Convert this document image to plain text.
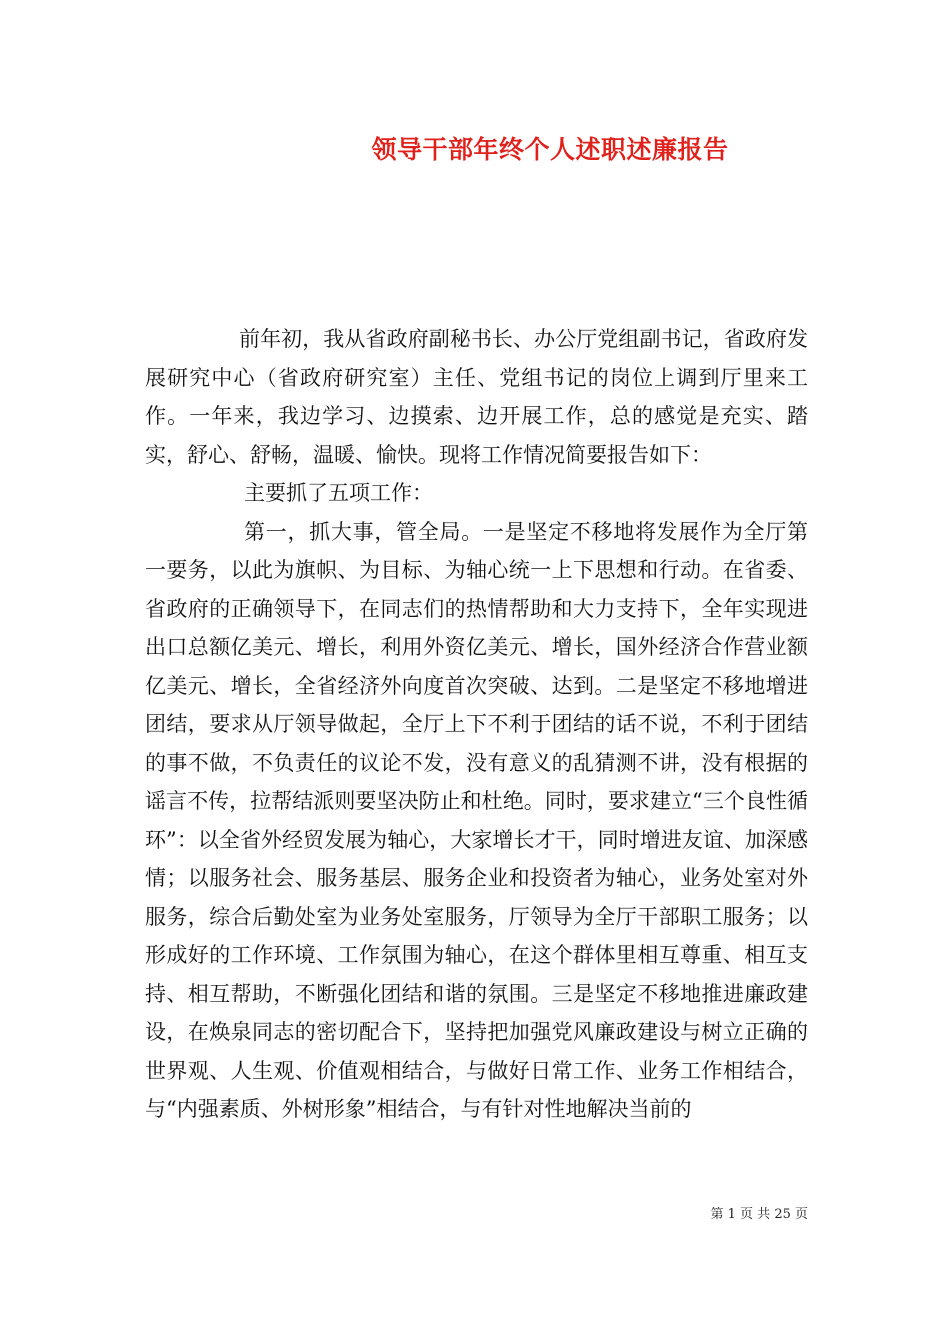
领导干部年终个人述职述廉报告

前年初，我从省政府副秘书长、办公厅党组副书记，省政府发展研究中心（省政府研究室）主任、党组书记的岗位上调到厅里来工作。一年来，我边学习、边摸索、边开展工作，总的感觉是充实、踏实，舒心、舒畅，温暖、愉快。现将工作情况简要报告如下：

主要抓了五项工作：

第一，抓大事，管全局。一是坚定不移地将发展作为全厅第一要务，以此为旗帜、为目标、为轴心统一上下思想和行动。在省委、省政府的正确领导下，在同志们的热情帮助和大力支持下，全年实现进出口总额亿美元、增长，利用外资亿美元、增长，国外经济合作营业额亿美元、增长，全省经济外向度首次突破、达到。二是坚定不移地增进团结，要求从厅领导做起，全厅上下不利于团结的话不说，不利于团结的事不做，不负责任的议论不发，没有意义的乱猜测不讲，没有根据的谣言不传，拉帮结派则要坚决防止和杜绝。同时，要求建立“三个良性循环”：以全省外经贸发展为轴心，大家增长才干，同时增进友谊、加深感情；以服务社会、服务基层、服务企业和投资者为轴心，业务处室对外服务，综合后勤处室为业务处室服务，厅领导为全厅干部职工服务；以形成好的工作环境、工作氛围为轴心，在这个群体里相互尊重、相互支持、相互帮助，不断强化团结和谐的氛围。三是坚定不移地推进廉政建设，在焕泉同志的密切配合下，坚持把加强党风廉政建设与树立正确的世界观、人生观、价值观相结合，与做好日常工作、业务工作相结合，与“内强素质、外树形象”相结合，与有针对性地解决当前的

第 1 页 共 25 页
